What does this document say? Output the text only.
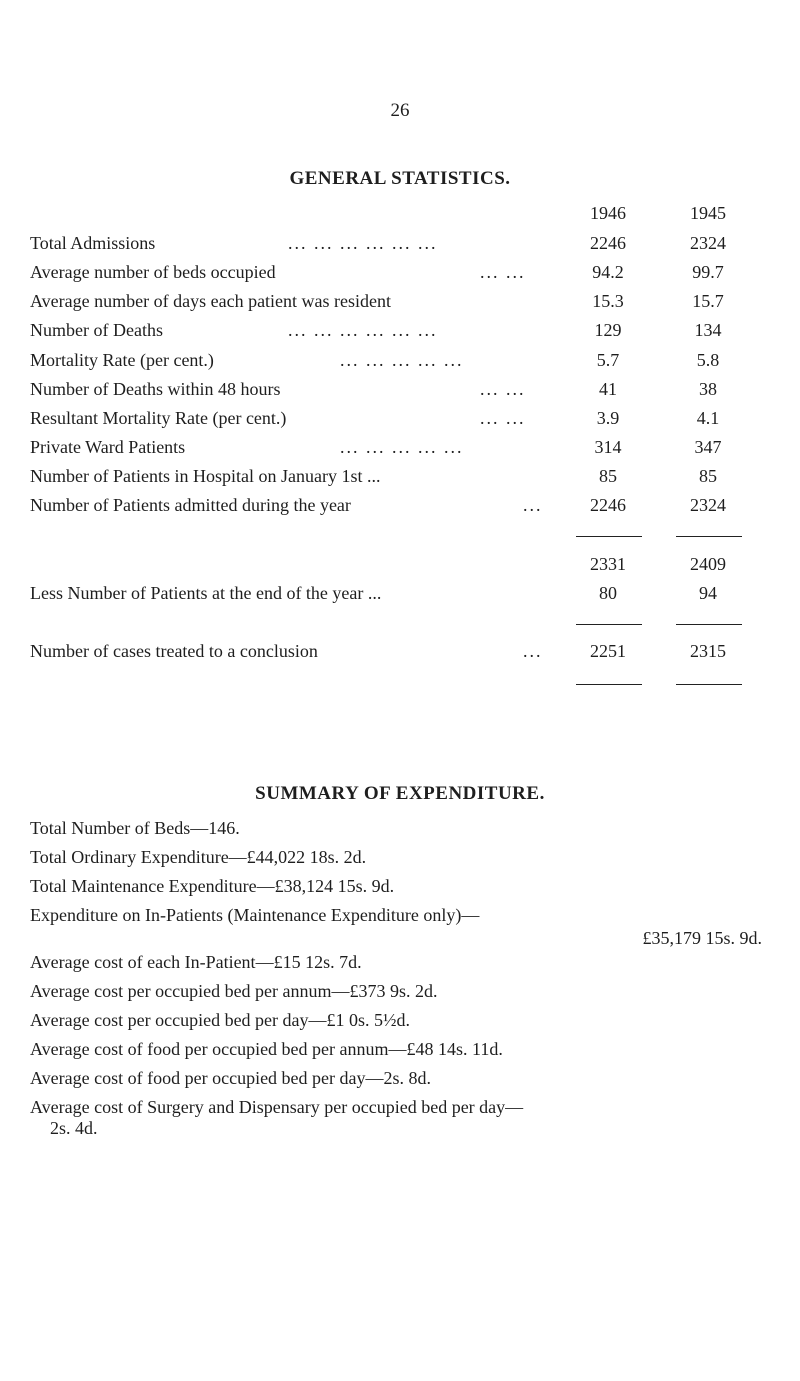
26
GENERAL STATISTICS.
1946	1945
Total Admissions	... ... ... ... ... ...	2246	2324
Average number of beds occupied	... ...	94.2	99.7
Average number of days each patient was resident	15.3	15.7
Number of Deaths	... ... ... ... ... ...	129	134
Mortality Rate (per cent.)	... ... ... ... ...	5.7	5.8
Number of Deaths within 48 hours	... ...	41	38
Resultant Mortality Rate (per cent.)	... ...	3.9	4.1
Private Ward Patients	... ... ... ... ...	314	347
Number of Patients in Hospital on January 1st ...	85	85
Number of Patients admitted during the year	...	2246	2324
2331	2409
Less Number of Patients at the end of the year ...	80	94
Number of cases treated to a conclusion	...	2251	2315
SUMMARY OF EXPENDITURE.
Total Number of Beds—146.
Total Ordinary Expenditure—£44,022 18s. 2d.
Total Maintenance Expenditure—£38,124 15s. 9d.
Expenditure on In-Patients (Maintenance Expenditure only)—
£35,179 15s. 9d.
Average cost of each In-Patient—£15 12s. 7d.
Average cost per occupied bed per annum—£373 9s. 2d.
Average cost per occupied bed per day—£1 0s. 5½d.
Average cost of food per occupied bed per annum—£48 14s. 11d.
Average cost of food per occupied bed per day—2s. 8d.
Average cost of Surgery and Dispensary per occupied bed per day—
2s. 4d.
